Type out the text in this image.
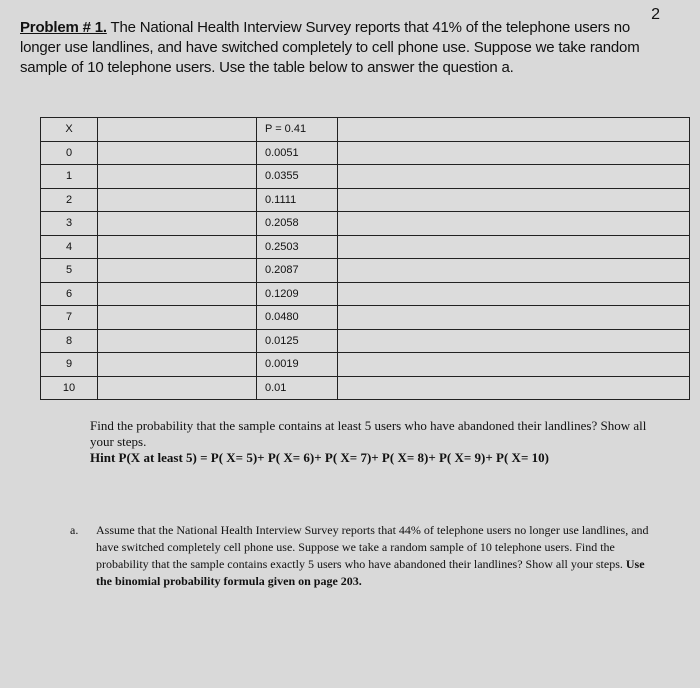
2
Problem # 1. The National Health Interview Survey reports that 41% of the telephone users no longer use landlines, and have switched completely to cell phone use. Suppose we take random sample of 10 telephone users. Use the table below to answer the question a.
X		P = 0.41	
0		0.0051	
1		0.0355	
2		0.1111	
3		0.2058	
4		0.2503	
5		0.2087	
6		0.1209	
7		0.0480	
8		0.0125	
9		0.0019	
10		0.01	
Find the probability that the sample contains at least 5 users who have abandoned their landlines? Show all your steps.
Hint P(X at least 5) = P( X= 5)+ P( X= 6)+ P( X= 7)+ P( X= 8)+ P( X= 9)+ P( X= 10)
a. Assume that the National Health Interview Survey reports that 44% of telephone users no longer use landlines, and have switched completely cell phone use. Suppose we take a random sample of 10 telephone users. Find the probability that the sample contains exactly 5 users who have abandoned their landlines? Show all your steps. Use the binomial probability formula given on page 203.
